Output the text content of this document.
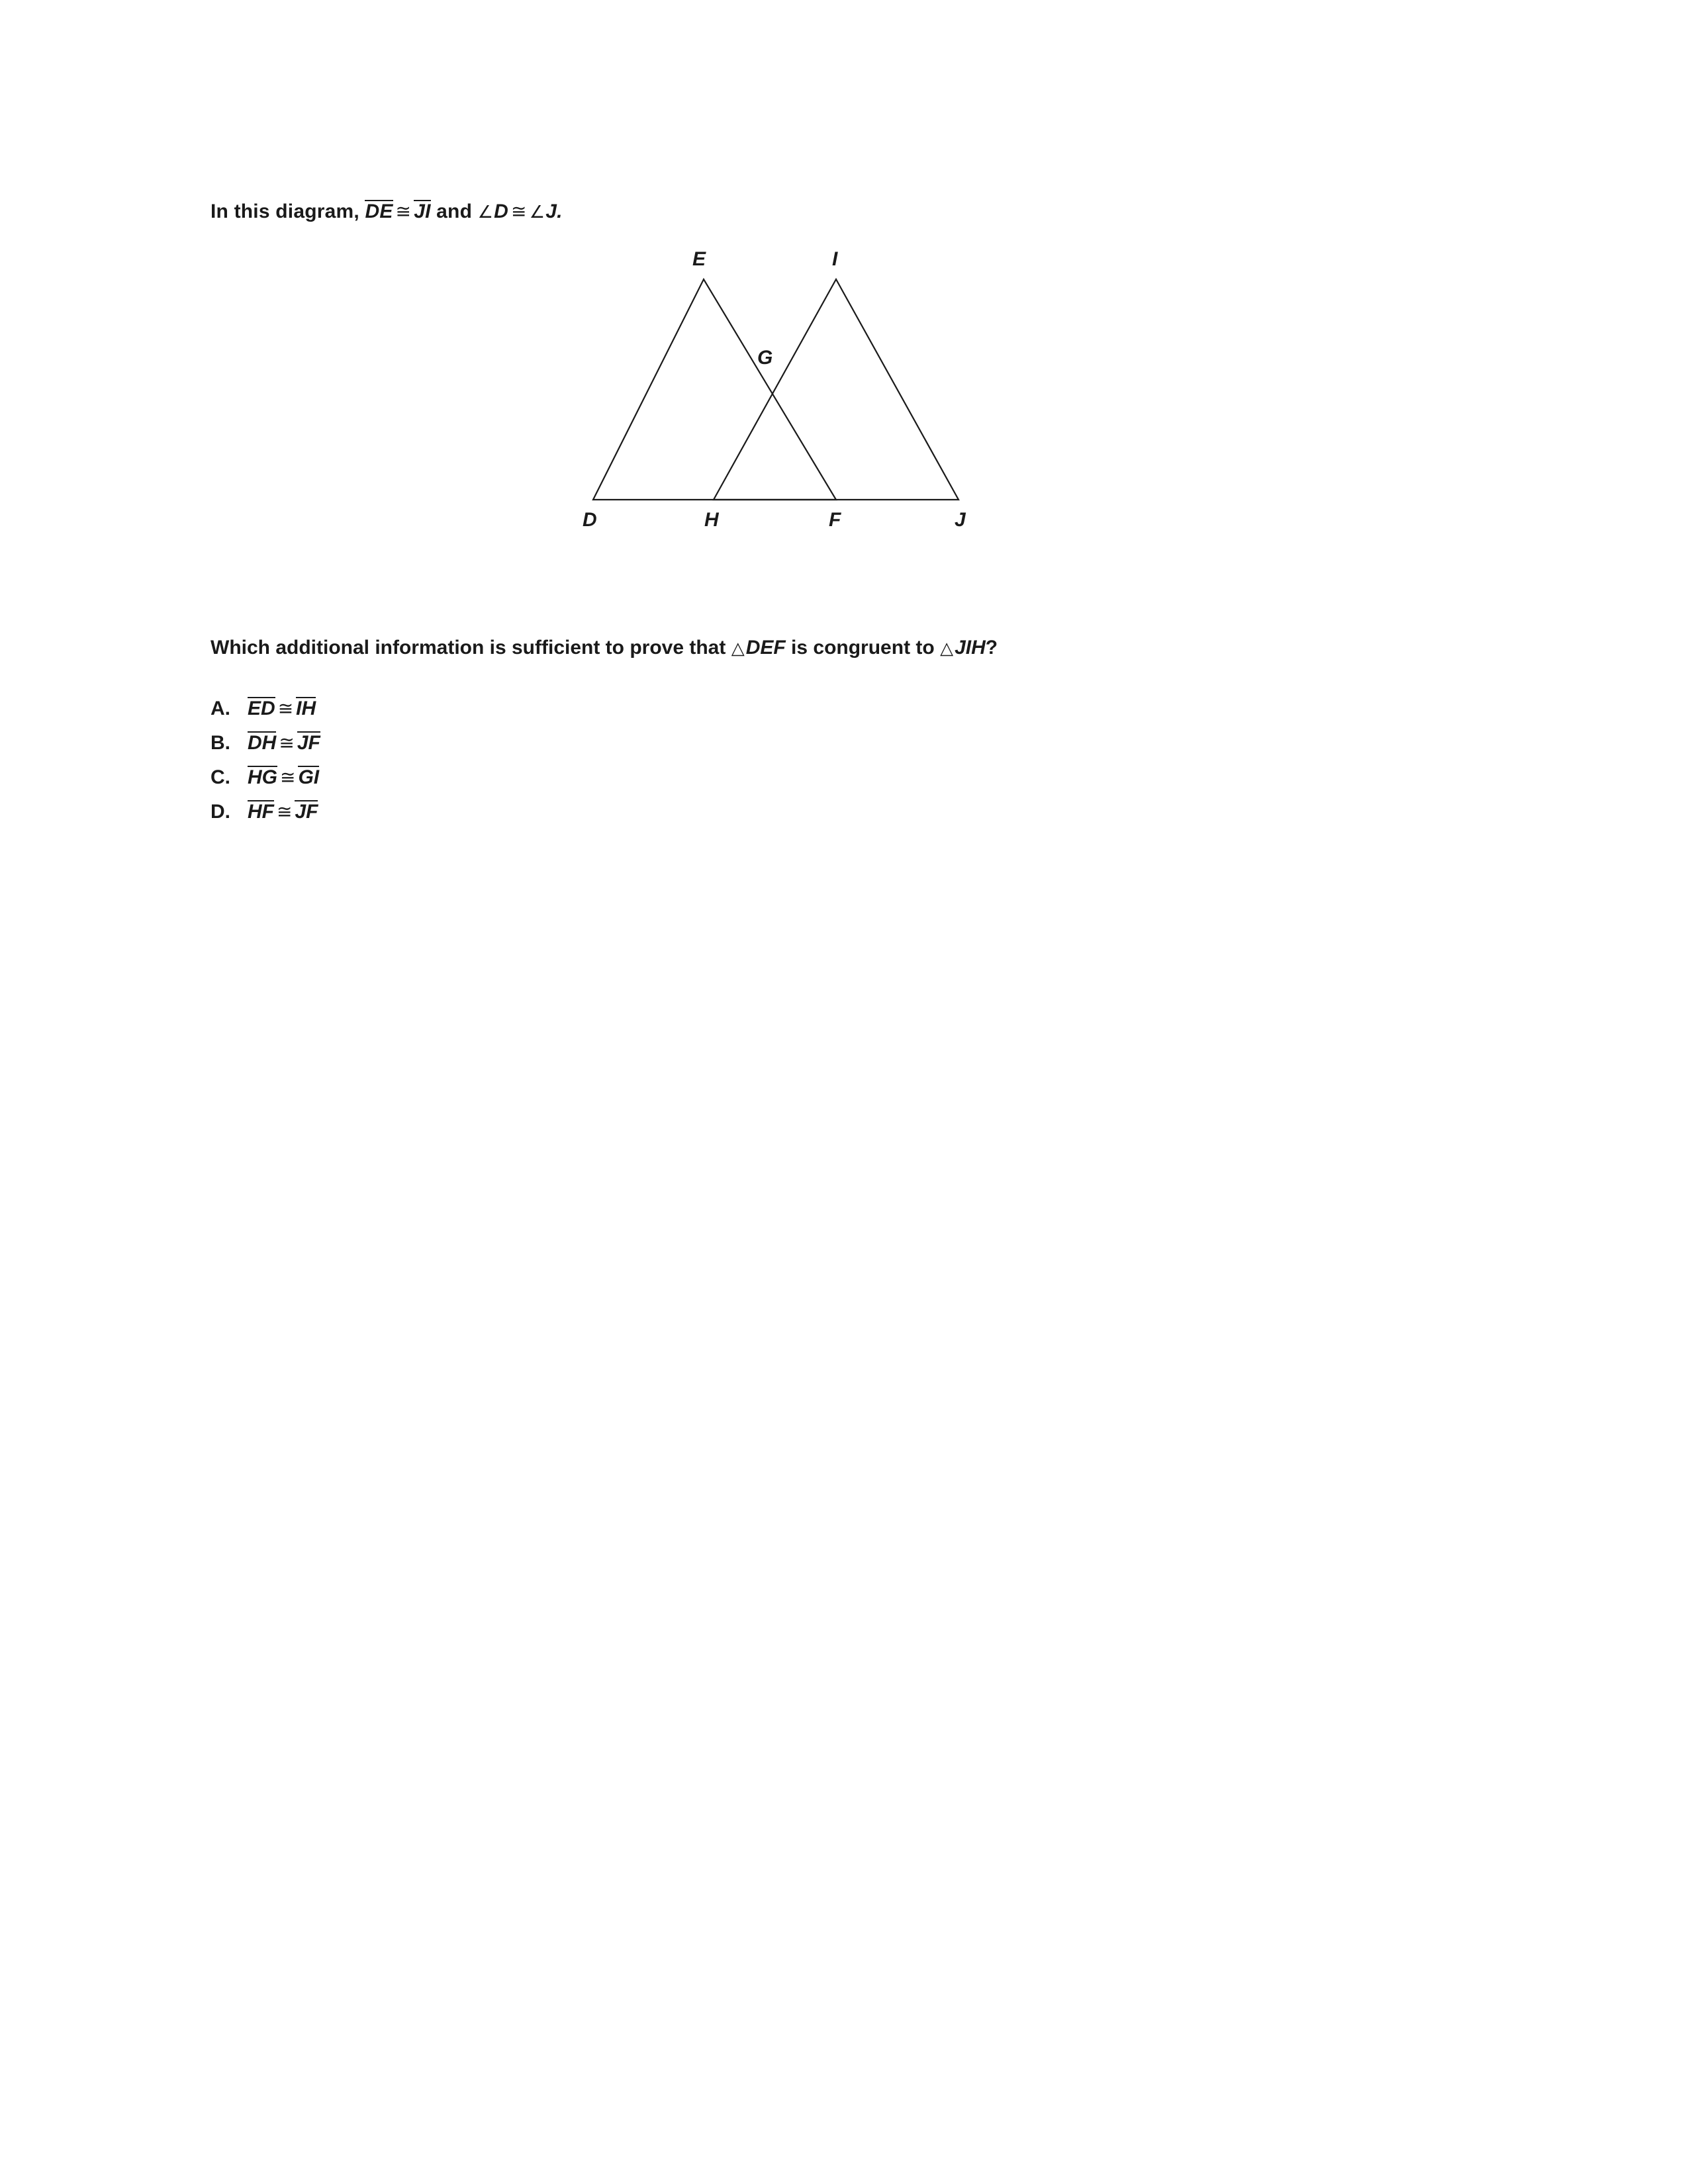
In this diagram, DE ≅ JI and ∠D ≅ ∠J.
E	I
G
D	H	F	J
Which additional information is sufficient to prove that △DEF is congruent to △JIH?
A. ED ≅ IH
B. DH ≅ JF
C. HG ≅ GI
D. HF ≅ JF
